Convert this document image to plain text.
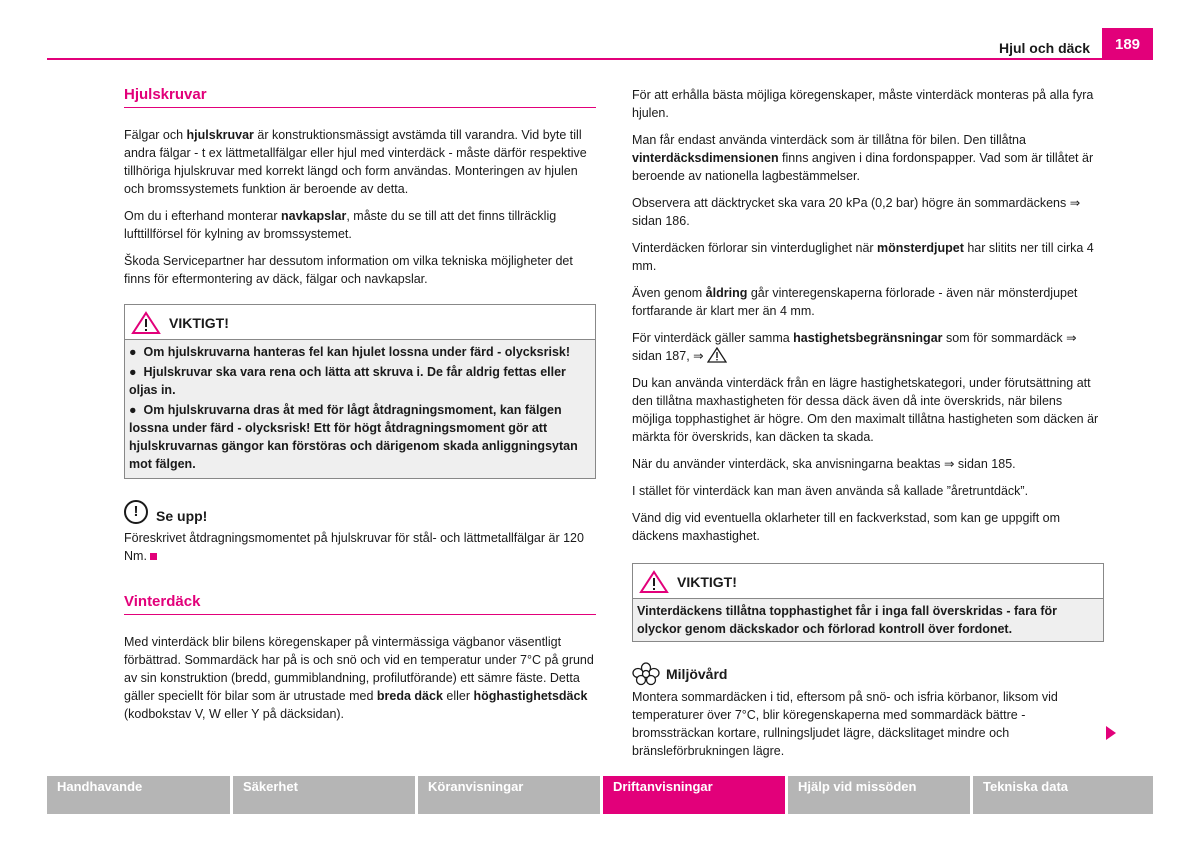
Hjul och däck	189
Hjulskruvar

Fälgar och hjulskruvar är konstruktionsmässigt avstämda till varandra. Vid byte till andra fälgar - t ex lättmetallfälgar eller hjul med vinterdäck - måste därför respektive tillhöriga hjulskruvar med korrekt längd och form användas. Monteringen av hjulen och bromssystemets funktion är beroende av detta.

Om du i efterhand monterar navkapslar, måste du se till att det finns tillräcklig lufttillförsel för kylning av bromssystemet.

Škoda Servicepartner har dessutom information om vilka tekniska möjligheter det finns för eftermontering av däck, fälgar och navkapslar.

VIKTIGT!
●  Om hjulskruvarna hanteras fel kan hjulet lossna under färd - olycksrisk!
●  Hjulskruvar ska vara rena och lätta att skruva i. De får aldrig fettas eller oljas in.
●  Om hjulskruvarna dras åt med för lågt åtdragningsmoment, kan fälgen lossna under färd - olycksrisk! Ett för högt åtdragningsmoment gör att hjulskruvarnas gängor kan förstöras och därigenom skada anliggningsytan mot fälgen.
!	Se upp!

Föreskrivet åtdragningsmomentet på hjulskruvar för stål- och lättmetallfälgar är 120 Nm.

Vinterdäck

Med vinterdäck blir bilens köregenskaper på vintermässiga vägbanor väsentligt förbättrad. Sommardäck har på is och snö och vid en temperatur under 7°C på grund av sin konstruktion (bredd, gummiblandning, profilutförande) ett sämre fäste. Detta gäller speciellt för bilar som är utrustade med breda däck eller höghastighetsdäck (kodbokstav V, W eller Y på däcksidan).

För att erhålla bästa möjliga köregenskaper, måste vinterdäck monteras på alla fyra hjulen.

Man får endast använda vinterdäck som är tillåtna för bilen. Den tillåtna vinterdäcksdimensionen finns angiven i dina fordonspapper. Vad som är tillåtet är beroende av nationella lagbestämmelser.

Observera att däcktrycket ska vara 20 kPa (0,2 bar) högre än sommardäckens ⇒ sidan 186.

Vinterdäcken förlorar sin vinterduglighet när mönsterdjupet har slitits ner till cirka 4 mm.

Även genom åldring går vinteregenskaperna förlorade - även när mönsterdjupet fortfarande är klart mer än 4 mm.

För vinterdäck gäller samma hastighetsbegränsningar som för sommardäck ⇒ sidan 187, ⇒

Du kan använda vinterdäck från en lägre hastighetskategori, under förutsättning att den tillåtna maxhastigheten för dessa däck även då inte överskrids, när bilens möjliga topphastighet är högre. Om den maximalt tillåtna hastigheten som däcken är märkta för överskrids, kan däcken ta skada.

När du använder vinterdäck, ska anvisningarna beaktas ⇒ sidan 185.

I stället för vinterdäck kan man även använda så kallade ”åretruntdäck”.

Vänd dig vid eventuella oklarheter till en fackverkstad, som kan ge uppgift om däckens maxhastighet.

VIKTIGT!
Vinterdäckens tillåtna topphastighet får i inga fall överskridas - fara för olyckor genom däckskador och förlorad kontroll över fordonet.
Miljövård

Montera sommardäcken i tid, eftersom på snö- och isfria körbanor, liksom vid temperaturer över 7°C, blir köregenskaperna med sommardäck bättre - bromssträckan kortare, rullningsljudet lägre, däckslitaget mindre och bränsleförbrukningen lägre.

Handhavande	Säkerhet	Köranvisningar	Driftanvisningar	Hjälp vid missöden	Tekniska data
